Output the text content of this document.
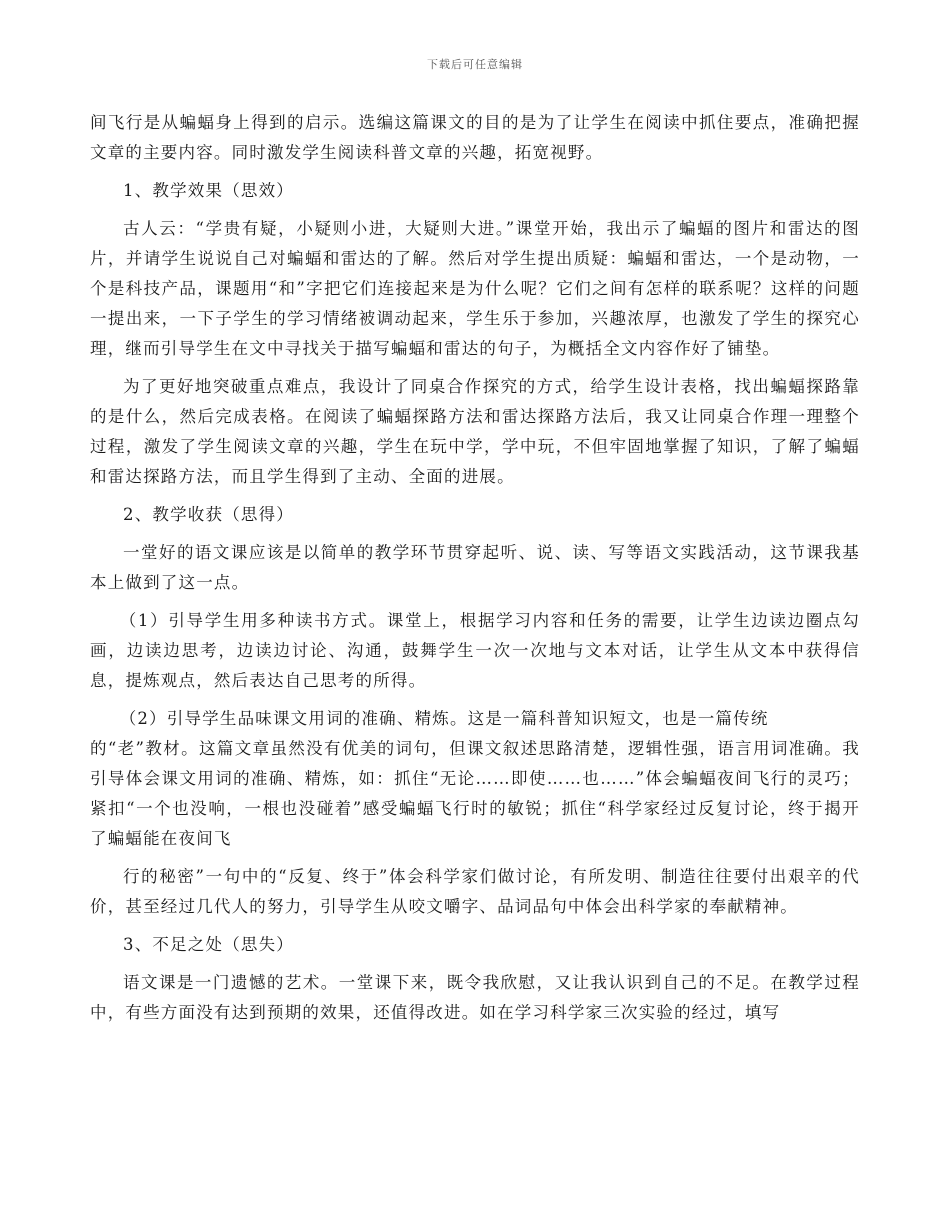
下载后可任意编辑

间飞行是从蝙蝠身上得到的启示。选编这篇课文的目的是为了让学生在阅读中抓住要点，准确把握文章的主要内容。同时激发学生阅读科普文章的兴趣，拓宽视野。

1、教学效果（思效）

古人云：“学贵有疑，小疑则小进，大疑则大进。”课堂开始，我出示了蝙蝠的图片和雷达的图片，并请学生说说自己对蝙蝠和雷达的了解。然后对学生提出质疑：蝙蝠和雷达，一个是动物，一个是科技产品，课题用“和”字把它们连接起来是为什么呢？它们之间有怎样的联系呢？这样的问题一提出来，一下子学生的学习情绪被调动起来，学生乐于参加，兴趣浓厚，也激发了学生的探究心理，继而引导学生在文中寻找关于描写蝙蝠和雷达的句子，为概括全文内容作好了铺垫。

为了更好地突破重点难点，我设计了同桌合作探究的方式，给学生设计表格，找出蝙蝠探路靠的是什么，然后完成表格。在阅读了蝙蝠探路方法和雷达探路方法后，我又让同桌合作理一理整个过程，激发了学生阅读文章的兴趣，学生在玩中学，学中玩，不但牢固地掌握了知识，了解了蝙蝠和雷达探路方法，而且学生得到了主动、全面的进展。

2、教学收获（思得）

一堂好的语文课应该是以简单的教学环节贯穿起听、说、读、写等语文实践活动，这节课我基本上做到了这一点。

（1）引导学生用多种读书方式。课堂上，根据学习内容和任务的需要，让学生边读边圈点勾画，边读边思考，边读边讨论、沟通，鼓舞学生一次一次地与文本对话，让学生从文本中获得信息，提炼观点，然后表达自己思考的所得。

（2）引导学生品味课文用词的准确、精炼。这是一篇科普知识短文，也是一篇传统

的“老”教材。这篇文章虽然没有优美的词句，但课文叙述思路清楚，逻辑性强，语言用词准确。我引导体会课文用词的准确、精炼，如：抓住“无论……即使……也……”体会蝙蝠夜间飞行的灵巧；紧扣“一个也没响，一根也没碰着”感受蝙蝠飞行时的敏锐；抓住“科学家经过反复讨论，终于揭开了蝙蝠能在夜间飞

行的秘密”一句中的“反复、终于”体会科学家们做讨论，有所发明、制造往往要付出艰辛的代价，甚至经过几代人的努力，引导学生从咬文嚼字、品词品句中体会出科学家的奉献精神。

3、不足之处（思失）

语文课是一门遗憾的艺术。一堂课下来，既令我欣慰，又让我认识到自己的不足。在教学过程中，有些方面没有达到预期的效果，还值得改进。如在学习科学家三次实验的经过，填写
